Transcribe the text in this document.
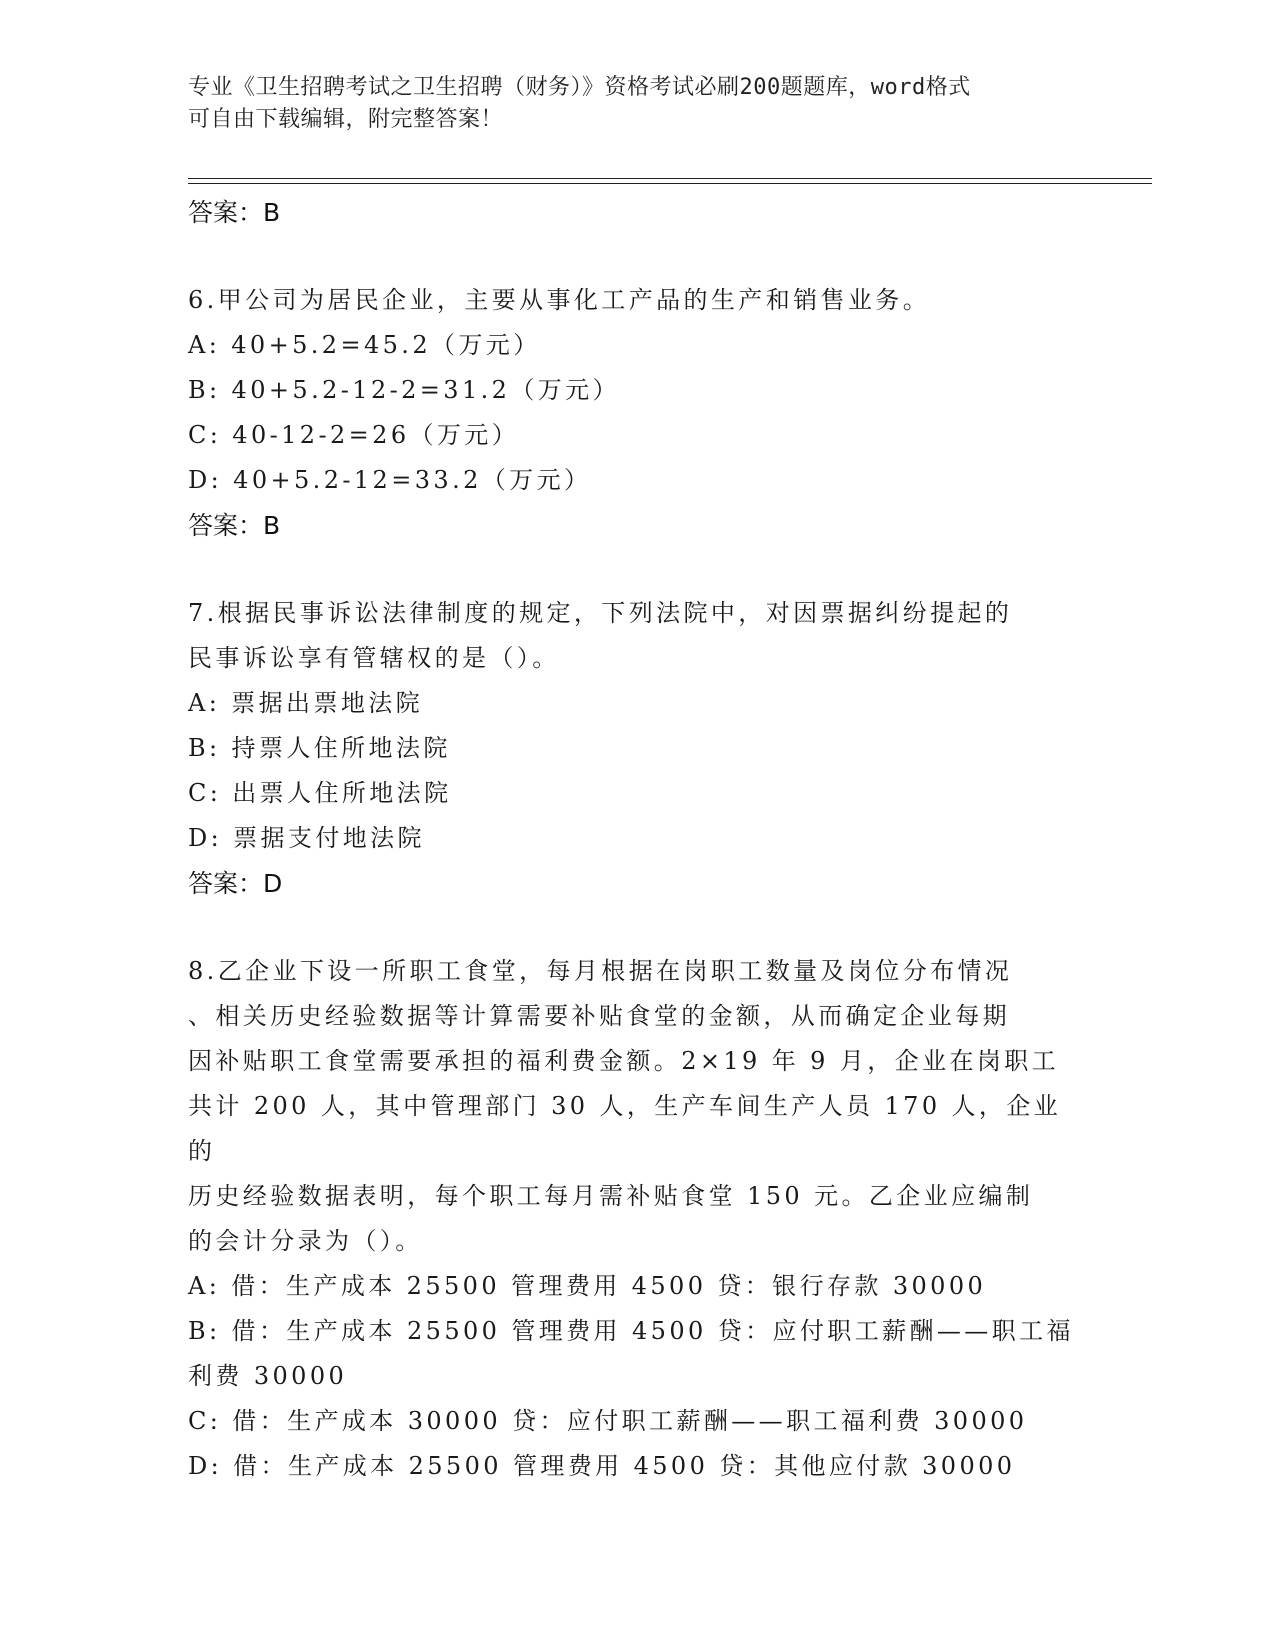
专业《卫生招聘考试之卫生招聘（财务）》资格考试必刷200题题库，word格式
可自由下载编辑，附完整答案！
答案：B
6.甲公司为居民企业，主要从事化工产品的生产和销售业务。
A: 40+5.2=45.2（万元）
B: 40+5.2-12-2=31.2（万元）
C: 40-12-2=26（万元）
D: 40+5.2-12=33.2（万元）
答案：B
7.根据民事诉讼法律制度的规定，下列法院中，对因票据纠纷提起的
民事诉讼享有管辖权的是（）。
A: 票据出票地法院
B: 持票人住所地法院
C: 出票人住所地法院
D: 票据支付地法院
答案：D
8.乙企业下设一所职工食堂，每月根据在岗职工数量及岗位分布情况
、相关历史经验数据等计算需要补贴食堂的金额，从而确定企业每期
因补贴职工食堂需要承担的福利费金额。2×19 年 9 月，企业在岗职工
共计 200 人，其中管理部门 30 人，生产车间生产人员 170 人，企业的
历史经验数据表明，每个职工每月需补贴食堂 150 元。乙企业应编制
的会计分录为（）。
A: 借：生产成本 25500 管理费用 4500 贷：银行存款 30000
B: 借：生产成本 25500 管理费用 4500 贷：应付职工薪酬——职工福
利费 30000
C: 借：生产成本 30000 贷：应付职工薪酬——职工福利费 30000
D: 借：生产成本 25500 管理费用 4500 贷：其他应付款 30000
